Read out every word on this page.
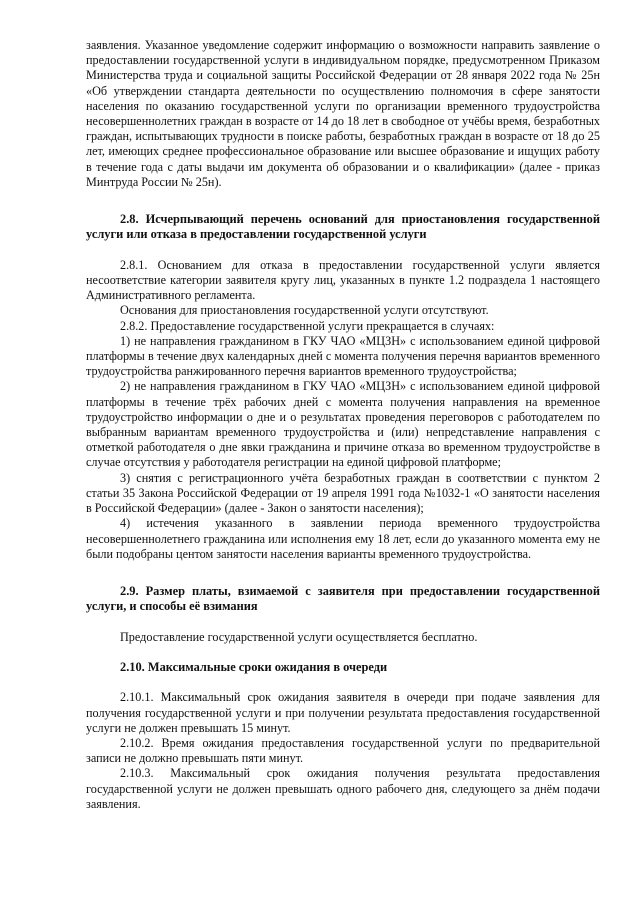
заявления. Указанное уведомление содержит информацию о возможности направить заявление о предоставлении государственной услуги в индивидуальном порядке, предусмотренном Приказом Министерства труда и социальной защиты Российской Федерации от 28 января 2022 года № 25н «Об утверждении стандарта деятельности по осуществлению полномочия в сфере занятости населения по оказанию государственной услуги по организации временного трудоустройства несовершеннолетних граждан в возрасте от 14 до 18 лет в свободное от учёбы время, безработных граждан, испытывающих трудности в поиске работы, безработных граждан в возрасте от 18 до 25 лет, имеющих среднее профессиональное образование или высшее образование и ищущих работу в течение года с даты выдачи им документа об образовании и о квалификации» (далее - приказ Минтруда России № 25н).

2.8. Исчерпывающий перечень оснований для приостановления государственной услуги или отказа в предоставлении государственной услуги

2.8.1. Основанием для отказа в предоставлении государственной услуги является несоответствие категории заявителя кругу лиц, указанных в пункте 1.2 подраздела 1 настоящего Административного регламента.

Основания для приостановления государственной услуги отсутствуют.

2.8.2. Предоставление государственной услуги прекращается в случаях:

1) не направления гражданином в ГКУ ЧАО «МЦЗН» с использованием единой цифровой платформы в течение двух календарных дней с момента получения перечня вариантов временного трудоустройства ранжированного перечня вариантов временного трудоустройства;

2) не направления гражданином в ГКУ ЧАО «МЦЗН» с использованием единой цифровой платформы в течение трёх рабочих дней с момента получения направления на временное трудоустройство информации о дне и о результатах проведения переговоров с работодателем по выбранным вариантам временного трудоустройства и (или) непредставление направления с отметкой работодателя о дне явки гражданина и причине отказа во временном трудоустройстве в случае отсутствия у работодателя регистрации на единой цифровой платформе;

3) снятия с регистрационного учёта безработных граждан в соответствии с пунктом 2 статьи 35 Закона Российской Федерации от 19 апреля 1991 года №1032-1 «О занятости населения в Российской Федерации» (далее - Закон о занятости населения);

4) истечения указанного в заявлении периода временного трудоустройства несовершеннолетнего гражданина или исполнения ему 18 лет, если до указанного момента ему не были подобраны центом занятости населения варианты временного трудоустройства.

2.9. Размер платы, взимаемой с заявителя при предоставлении государственной услуги, и способы её взимания

Предоставление государственной услуги осуществляется бесплатно.

2.10. Максимальные сроки ожидания в очереди

2.10.1. Максимальный срок ожидания заявителя в очереди при подаче заявления для получения государственной услуги и при получении результата предоставления государственной услуги не должен превышать 15 минут.

2.10.2. Время ожидания предоставления государственной услуги по предварительной записи не должно превышать пяти минут.

2.10.3. Максимальный срок ожидания получения результата предоставления государственной услуги не должен превышать одного рабочего дня, следующего за днём подачи заявления.
